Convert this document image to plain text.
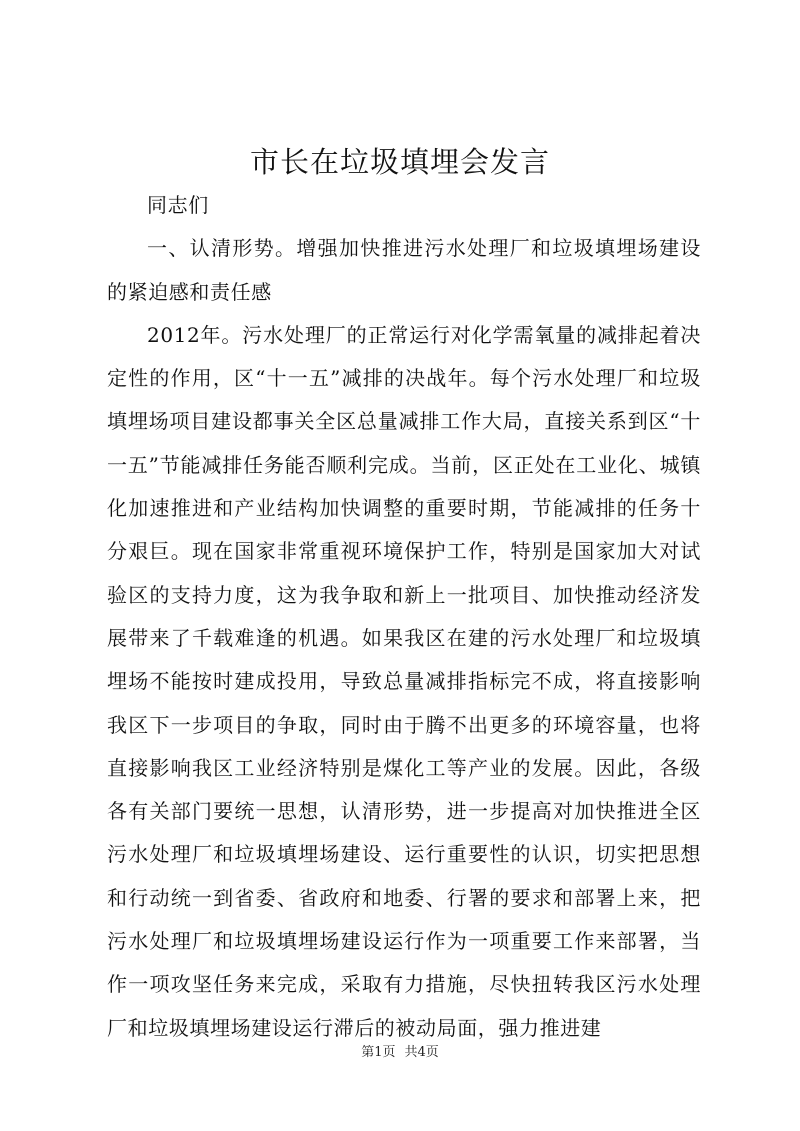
市长在垃圾填埋会发言

同志们

一、认清形势。增强加快推进污水处理厂和垃圾填埋场建设的紧迫感和责任感

2012年。污水处理厂的正常运行对化学需氧量的减排起着决定性的作用，区“十一五”减排的决战年。每个污水处理厂和垃圾填埋场项目建设都事关全区总量减排工作大局，直接关系到区“十一五”节能减排任务能否顺利完成。当前，区正处在工业化、城镇化加速推进和产业结构加快调整的重要时期，节能减排的任务十分艰巨。现在国家非常重视环境保护工作，特别是国家加大对试验区的支持力度，这为我争取和新上一批项目、加快推动经济发展带来了千载难逢的机遇。如果我区在建的污水处理厂和垃圾填埋场不能按时建成投用，导致总量减排指标完不成，将直接影响我区下一步项目的争取，同时由于腾不出更多的环境容量，也将直接影响我区工业经济特别是煤化工等产业的发展。因此，各级各有关部门要统一思想，认清形势，进一步提高对加快推进全区污水处理厂和垃圾填埋场建设、运行重要性的认识，切实把思想和行动统一到省委、省政府和地委、行署的要求和部署上来，把污水处理厂和垃圾填埋场建设运行作为一项重要工作来部署，当作一项攻坚任务来完成，采取有力措施，尽快扭转我区污水处理厂和垃圾填埋场建设运行滞后的被动局面，强力推进建

第1页 共4页
